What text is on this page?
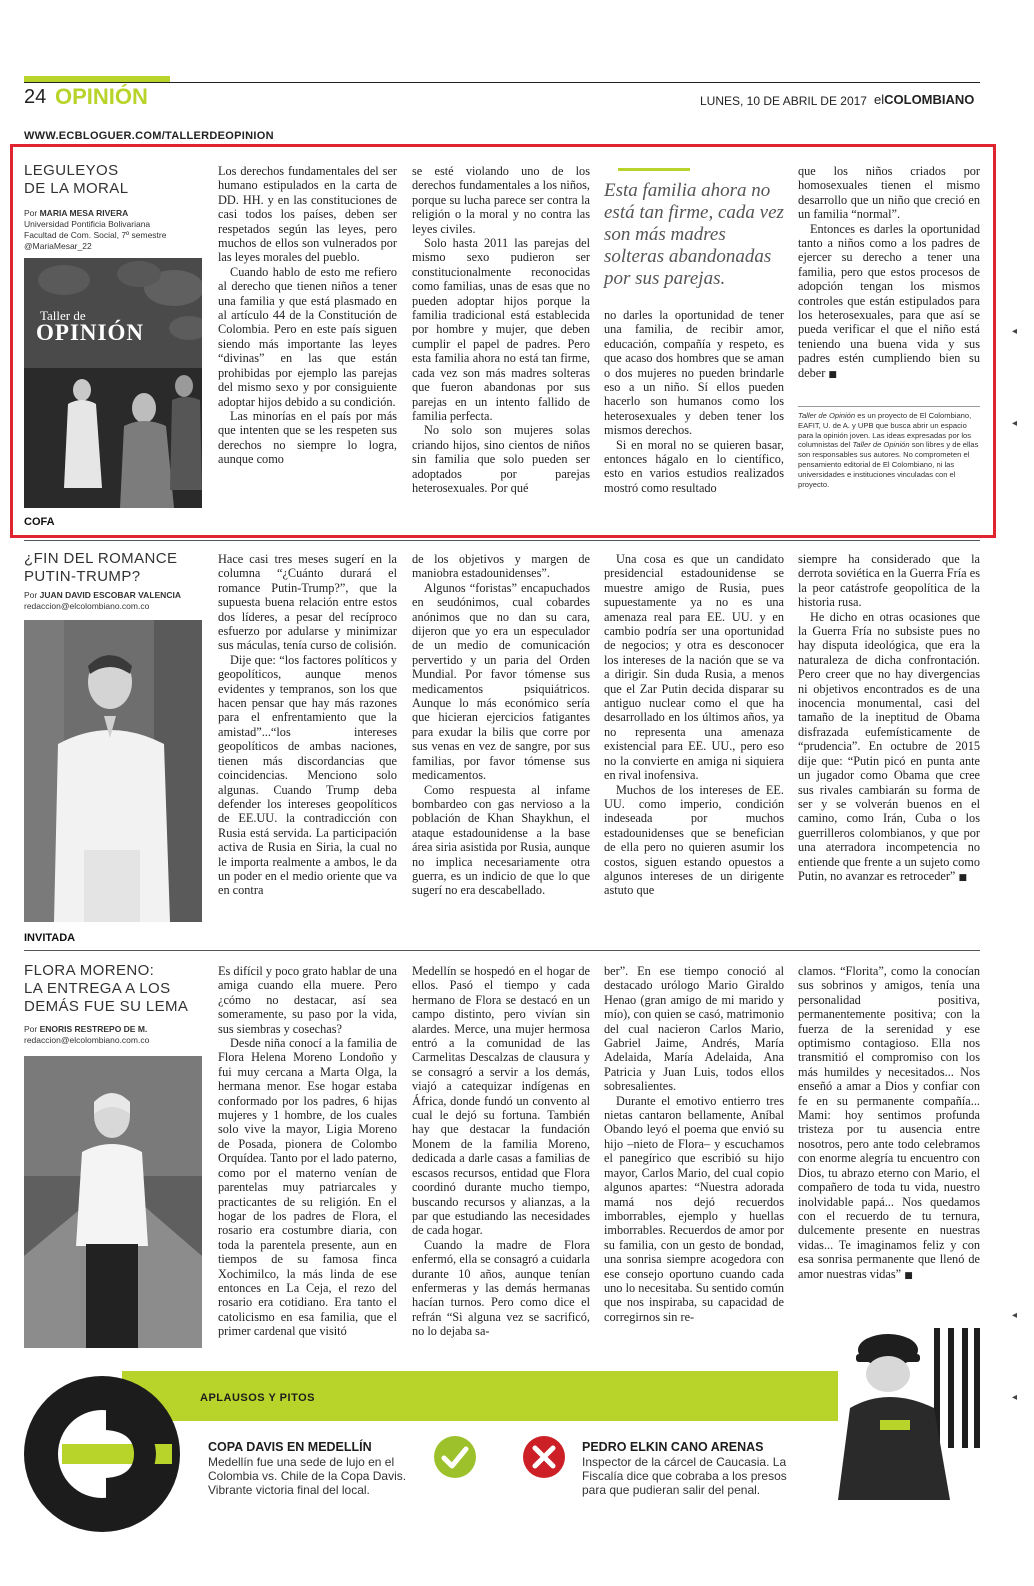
24 OPINIÓN	LUNES, 10 DE ABRIL DE 2017 elCOLOMBIANO
WWW.ECBLOGUER.COM/TALLERDEOPINION
LEGULEYOS
DE LA MORAL
Por MARIA MESA RIVERA
Universidad Pontificia Bolivariana
Facultad de Com. Social, 7º semestre
@MariaMesar_22
Taller de
OPINIÓN
COFA

Los derechos fundamentales del ser humano estipulados en la carta de DD. HH. y en las constituciones de casi todos los países, deben ser respetados según las leyes, pero muchos de ellos son vulnerados por las leyes morales del pueblo.

Cuando hablo de esto me refiero al derecho que tienen niños a tener una familia y que está plasmado en al artículo 44 de la Constitución de Colombia. Pero en este país siguen siendo más importante las leyes “divinas” en las que están prohibidas por ejemplo las parejas del mismo sexo y por consiguiente adoptar hijos debido a su condición.

Las minorías en el país por más que intenten que se les respeten sus derechos no siempre lo logra, aunque como

se esté violando uno de los derechos fundamentales a los niños, porque su lucha parece ser contra la religión o la moral y no contra las leyes civiles.

Solo hasta 2011 las parejas del mismo sexo pudieron ser constitucionalmente reconocidas como familias, unas de esas que no pueden adoptar hijos porque la familia tradicional está establecida por hombre y mujer, que deben cumplir el papel de padres. Pero esta familia ahora no está tan firme, cada vez son más madres solteras que fueron abandonas por sus parejas en un intento fallido de familia perfecta.

No solo son mujeres solas criando hijos, sino cientos de niños sin familia que solo pueden ser adoptados por parejas heterosexuales. Por qué

Esta familia ahora no está tan firme, cada vez son más madres solteras abandonadas por sus parejas.

no darles la oportunidad de tener una familia, de recibir amor, educación, compañía y respeto, es que acaso dos hombres que se aman o dos mujeres no pueden brindarle eso a un niño. Sí ellos pueden hacerlo son humanos como los heterosexuales y deben tener los mismos derechos.

Si en moral no se quieren basar, entonces hágalo en lo científico, esto en varios estudios realizados mostró como resultado

que los niños criados por homosexuales tienen el mismo desarrollo que un niño que creció en un familia “normal”.

Entonces es darles la oportunidad tanto a niños como a los padres de ejercer su derecho a tener una familia, pero que estos procesos de adopción tengan los mismos controles que están estipulados para los heterosexuales, para que así se pueda verificar el que el niño está teniendo una buena vida y sus padres estén cumpliendo bien su deber ■

Taller de Opinión es un proyecto de El Colombiano, EAFIT, U. de A. y UPB que busca abrir un espacio para la opinión joven. Las ideas expresadas por los columnistas del Taller de Opinión son libres y de ellas son responsables sus autores. No comprometen el pensamiento editorial de El Colombiano, ni las universidades e instituciones vinculadas con el proyecto.
¿FIN DEL ROMANCE
PUTIN-TRUMP?
Por JUAN DAVID ESCOBAR VALENCIA
redaccion@elcolombiano.com.co
INVITADA

Hace casi tres meses sugerí en la columna “¿Cuánto durará el romance Putin-Trump?”, que la supuesta buena relación entre estos dos líderes, a pesar del recíproco esfuerzo por adularse y minimizar sus máculas, tenía curso de colisión.

Dije que: “los factores políticos y geopolíticos, aunque menos evidentes y tempranos, son los que hacen pensar que hay más razones para el enfrentamiento que la amistad”...“los intereses geopolíticos de ambas naciones, tienen más discordancias que coincidencias. Menciono solo algunas. Cuando Trump deba defender los intereses geopolíticos de EE.UU. la contradicción con Rusia está servida. La participación activa de Rusia en Siria, la cual no le importa realmente a ambos, le da un poder en el medio oriente que va en contra

de los objetivos y margen de maniobra estadounidenses”.

Algunos “foristas” encapuchados en seudónimos, cual cobardes anónimos que no dan su cara, dijeron que yo era un especulador de un medio de comunicación pervertido y un paria del Orden Mundial. Por favor tómense sus medicamentos psiquiátricos. Aunque lo más económico sería que hicieran ejercicios fatigantes para exudar la bilis que corre por sus venas en vez de sangre, por sus familias, por favor tómense sus medicamentos.

Como respuesta al infame bombardeo con gas nervioso a la población de Khan Shaykhun, el ataque estadounidense a la base área siria asistida por Rusia, aunque no implica necesariamente otra guerra, es un indicio de que lo que sugerí no era descabellado.

Una cosa es que un candidato presidencial estadounidense se muestre amigo de Rusia, pues supuestamente ya no es una amenaza real para EE. UU. y en cambio podría ser una oportunidad de negocios; y otra es desconocer los intereses de la nación que se va a dirigir. Sin duda Rusia, a menos que el Zar Putin decida disparar su antiguo nuclear como el que ha desarrollado en los últimos años, ya no representa una amenaza existencial para EE. UU., pero eso no la convierte en amiga ni siquiera en rival inofensiva.

Muchos de los intereses de EE. UU. como imperio, condición indeseada por muchos estadounidenses que se benefician de ella pero no quieren asumir los costos, siguen estando opuestos a algunos intereses de un dirigente astuto que

siempre ha considerado que la derrota soviética en la Guerra Fría es la peor catástrofe geopolítica de la historia rusa.

He dicho en otras ocasiones que la Guerra Fría no subsiste pues no hay disputa ideológica, que era la naturaleza de dicha confrontación. Pero creer que no hay divergencias ni objetivos encontrados es de una inocencia monumental, casi del tamaño de la ineptitud de Obama disfrazada eufemísticamente de “prudencia”. En octubre de 2015 dije que: “Putin picó en punta ante un jugador como Obama que cree sus rivales cambiarán su forma de ser y se volverán buenos en el camino, como Irán, Cuba o los guerrilleros colombianos, y que por una aterradora incompetencia no entiende que frente a un sujeto como Putin, no avanzar es retroceder” ■

FLORA MORENO:
LA ENTREGA A LOS
DEMÁS FUE SU LEMA
Por ENORIS RESTREPO DE M.
redaccion@elcolombiano.com.co

Es difícil y poco grato hablar de una amiga cuando ella muere. Pero ¿cómo no destacar, así sea someramente, su paso por la vida, sus siembras y cosechas?

Desde niña conocí a la familia de Flora Helena Moreno Londoño y fui muy cercana a Marta Olga, la hermana menor. Ese hogar estaba conformado por los padres, 6 hijas mujeres y 1 hombre, de los cuales solo vive la mayor, Ligia Moreno de Posada, pionera de Colombo Orquídea. Tanto por el lado paterno, como por el materno venían de parentelas muy patriarcales y practicantes de su religión. En el hogar de los padres de Flora, el rosario era costumbre diaria, con toda la parentela presente, aun en tiempos de su famosa finca Xochimilco, la más linda de ese entonces en La Ceja, el rezo del rosario era cotidiano. Era tanto el catolicismo en esa familia, que el primer cardenal que visitó

Medellín se hospedó en el hogar de ellos. Pasó el tiempo y cada hermano de Flora se destacó en un campo distinto, pero vivían sin alardes. Merce, una mujer hermosa entró a la comunidad de las Carmelitas Descalzas de clausura y se consagró a servir a los demás, viajó a catequizar indígenas en África, donde fundó un convento al cual le dejó su fortuna. También hay que destacar la fundación Monem de la familia Moreno, dedicada a darle casas a familias de escasos recursos, entidad que Flora coordinó durante mucho tiempo, buscando recursos y alianzas, a la par que estudiando las necesidades de cada hogar.

Cuando la madre de Flora enfermó, ella se consagró a cuidarla durante 10 años, aunque tenían enfermeras y las demás hermanas hacían turnos. Pero como dice el refrán “Si alguna vez se sacrificó, no lo dejaba sa-

ber”. En ese tiempo conoció al destacado urólogo Mario Giraldo Henao (gran amigo de mi marido y mío), con quien se casó, matrimonio del cual nacieron Carlos Mario, Gabriel Jaime, Andrés, María Adelaida, María Adelaida, Ana Patricia y Juan Luis, todos ellos sobresalientes.

Durante el emotivo entierro tres nietas cantaron bellamente, Aníbal Obando leyó el poema que envió su hijo –nieto de Flora– y escuchamos el panegírico que escribió su hijo mayor, Carlos Mario, del cual copio algunos apartes: “Nuestra adorada mamá nos dejó recuerdos imborrables, ejemplo y huellas imborrables. Recuerdos de amor por su familia, con un gesto de bondad, una sonrisa siempre acogedora con ese consejo oportuno cuando cada uno lo necesitaba. Su sentido común que nos inspiraba, su capacidad de corregirnos sin re-

clamos. “Florita”, como la conocían sus sobrinos y amigos, tenía una personalidad positiva, permanentemente positiva; con la fuerza de la serenidad y ese optimismo contagioso. Ella nos transmitió el compromiso con los más humildes y necesitados... Nos enseñó a amar a Dios y confiar con fe en su permanente compañía... Mami: hoy sentimos profunda tristeza por tu ausencia entre nosotros, pero ante todo celebramos con enorme alegría tu encuentro con Dios, tu abrazo eterno con Mario, el compañero de toda tu vida, nuestro inolvidable papá... Nos quedamos con el recuerdo de tu ternura, dulcemente presente en nuestras vidas... Te imaginamos feliz y con esa sonrisa permanente que llenó de amor nuestras vidas” ■

APLAUSOS Y PITOS
COPA DAVIS EN MEDELLÍN
Medellín fue una sede de lujo en el Colombia vs. Chile de la Copa Davis. Vibrante victoria final del local.
PEDRO ELKIN CANO ARENAS
Inspector de la cárcel de Caucasia. La Fiscalía dice que cobraba a los presos para que pudieran salir del penal.
◂
◂
◂
◂
